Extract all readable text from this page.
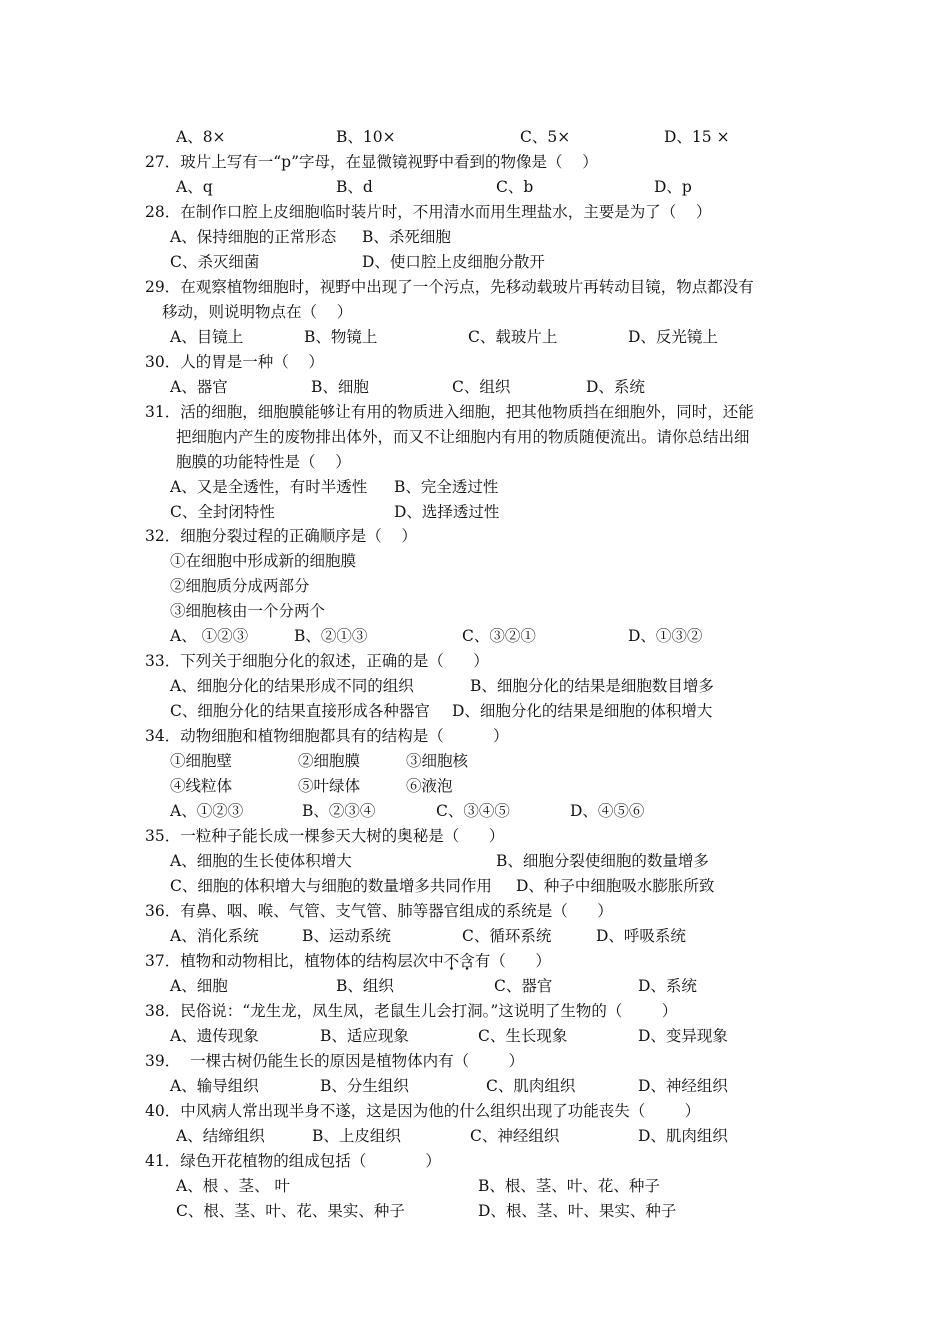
A、8×	B、10×	C、5×	D、15 ×
27．玻片上写有一“p”字母，在显微镜视野中看到的物像是（    ）
A、q	B、d	C、b	D、p
28．在制作口腔上皮细胞临时装片时，不用清水而用生理盐水，主要是为了（    ）
A、保持细胞的正常形态 B、杀死细胞
C、杀灭细菌	D、使口腔上皮细胞分散开
29．在观察植物细胞时，视野中出现了一个污点，先移动载玻片再转动目镜，物点都没有
移动，则说明物点在（    ）
A、目镜上	B、物镜上	C、载玻片上	D、反光镜上
30．人的胃是一种（    ）
A、器官	B、细胞	C、组织	D、系统
31．活的细胞，细胞膜能够让有用的物质进入细胞，把其他物质挡在细胞外，同时，还能
把细胞内产生的废物排出体外，而又不让细胞内有用的物质随便流出。请你总结出细
胞膜的功能特性是（    ）
A、又是全透性，有时半透性 B、完全透过性
C、全封闭特性	D、选择透过性
32．细胞分裂过程的正确顺序是（    ）
①在细胞中形成新的细胞膜
②细胞质分成两部分
③细胞核由一个分两个
A、 ①②③	B、②①③	C、③②①	D、①③②
33．下列关于细胞分化的叙述，正确的是（      ）
A、细胞分化的结果形成不同的组织	B、细胞分化的结果是细胞数目增多
C、细胞分化的结果直接形成各种器官 D、细胞分化的结果是细胞的体积增大
34．动物细胞和植物细胞都具有的结构是（          ）
①细胞壁	②细胞膜	③细胞核
④线粒体	⑤叶绿体	⑥液泡
A、①②③	B、②③④	C、③④⑤	D、④⑤⑥
35．一粒种子能长成一棵参天大树的奥秘是（      ）
A、细胞的生长使体积增大	B、细胞分裂使细胞的数量增多
C、细胞的体积增大与细胞的数量增多共同作用 D、种子中细胞吸水膨胀所致
36．有鼻、咽、喉、气管、支气管、肺等器官组成的系统是（      ）
A、消化系统	B、运动系统	C、循环系统	D、呼吸系统
37．植物和动物相比，植物体的结构层次中不含有（      ）
A、细胞	B、组织	C、器官	D、系统
38．民俗说：“龙生龙，凤生凤，老鼠生儿会打洞。”这说明了生物的（        ）
A、遗传现象	B、适应现象	C、生长现象	D、变异现象
39．  一棵古树仍能生长的原因是植物体内有（        ）
A、输导组织	B、分生组织	C、肌肉组织	D、神经组织
40．中风病人常出现半身不遂，这是因为他的什么组织出现了功能丧失（        ）
A、结缔组织	B、上皮组织	C、神经组织	D、肌肉组织
41．绿色开花植物的组成包括（            ）
A、根 、茎、 叶	B、根、茎、叶、花、种子
C、根、茎、叶、花、果实、种子	D、根、茎、叶、果实、种子
